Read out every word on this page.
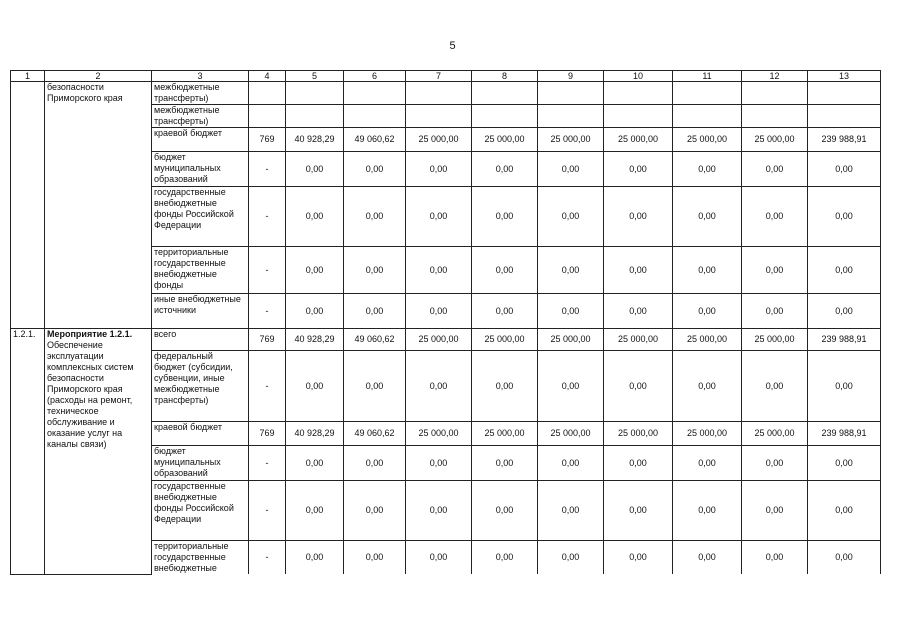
5
1	2	3	4	5	6	7	8	9	10	11	12	13

	безопасности Приморского края	межбюджетные трансферты)										
		межбюджетные трансферты)										
		краевой бюджет	769	40 928,29	49 060,62	25 000,00	25 000,00	25 000,00	25 000,00	25 000,00	25 000,00	239 988,91
		бюджет муниципальных образований	-	0,00	0,00	0,00	0,00	0,00	0,00	0,00	0,00	0,00
		государственные внебюджетные фонды Российской Федерации	-	0,00	0,00	0,00	0,00	0,00	0,00	0,00	0,00	0,00
		территориальные государственные внебюджетные фонды	-	0,00	0,00	0,00	0,00	0,00	0,00	0,00	0,00	0,00
		иные внебюджетные источники	-	0,00	0,00	0,00	0,00	0,00	0,00	0,00	0,00	0,00
1.2.1.	Мероприятие 1.2.1.
Обеспечение эксплуатации комплексных систем безопасности Приморского края (расходы на ремонт, техническое обслуживание и оказание услуг на каналы связи)	всего	769	40 928,29	49 060,62	25 000,00	25 000,00	25 000,00	25 000,00	25 000,00	25 000,00	239 988,91
		федеральный бюджет (субсидии, субвенции, иные межбюджетные трансферты)	-	0,00	0,00	0,00	0,00	0,00	0,00	0,00	0,00	0,00
		краевой бюджет	769	40 928,29	49 060,62	25 000,00	25 000,00	25 000,00	25 000,00	25 000,00	25 000,00	239 988,91
		бюджет муниципальных образований	-	0,00	0,00	0,00	0,00	0,00	0,00	0,00	0,00	0,00
		государственные внебюджетные фонды Российской Федерации	-	0,00	0,00	0,00	0,00	0,00	0,00	0,00	0,00	0,00
		территориальные государственные внебюджетные	-	0,00	0,00	0,00	0,00	0,00	0,00	0,00	0,00	0,00
